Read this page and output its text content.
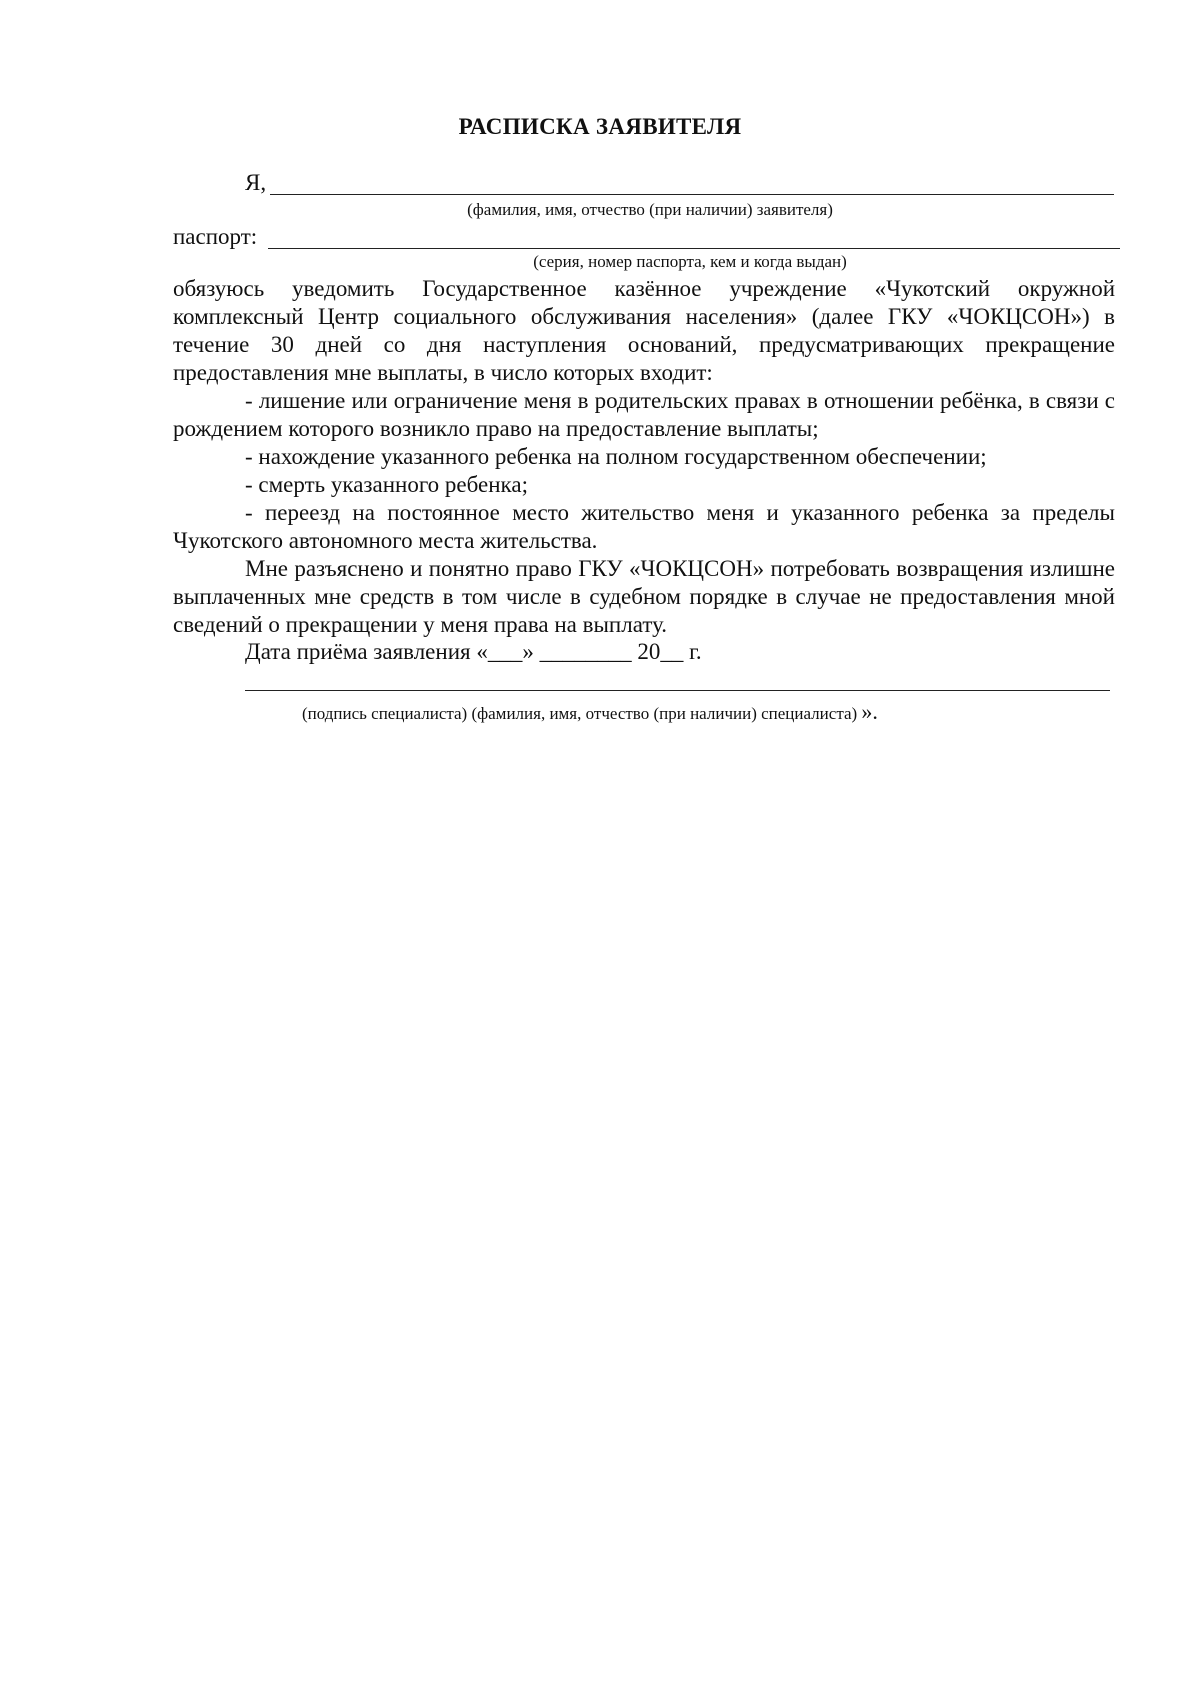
РАСПИСКА ЗАЯВИТЕЛЯ
Я,
(фамилия, имя, отчество (при наличии) заявителя)
паспорт:
(серия, номер паспорта, кем и когда выдан)

обязуюсь уведомить Государственное казённое учреждение «Чукотский окружной комплексный Центр социального обслуживания населения» (далее ГКУ «ЧОКЦСОН») в течение 30 дней со дня наступления оснований, предусматривающих прекращение предоставления мне выплаты, в число которых входит:

- лишение или ограничение меня в родительских правах в отношении ребёнка, в связи с рождением которого возникло право на предоставление выплаты;

- нахождение указанного ребенка на полном государственном обеспечении;

- смерть указанного ребенка;

- переезд на постоянное место жительство меня и указанного ребенка за пределы Чукотского автономного места жительства.

Мне разъяснено и понятно право ГКУ «ЧОКЦСОН» потребовать возвращения излишне выплаченных мне средств в том числе в судебном порядке в случае не предоставления мной сведений о прекращении у меня права на выплату.

Дата приёма заявления «___» ________ 20__ г.
(подпись специалиста) (фамилия, имя, отчество (при наличии) специалиста) ».
